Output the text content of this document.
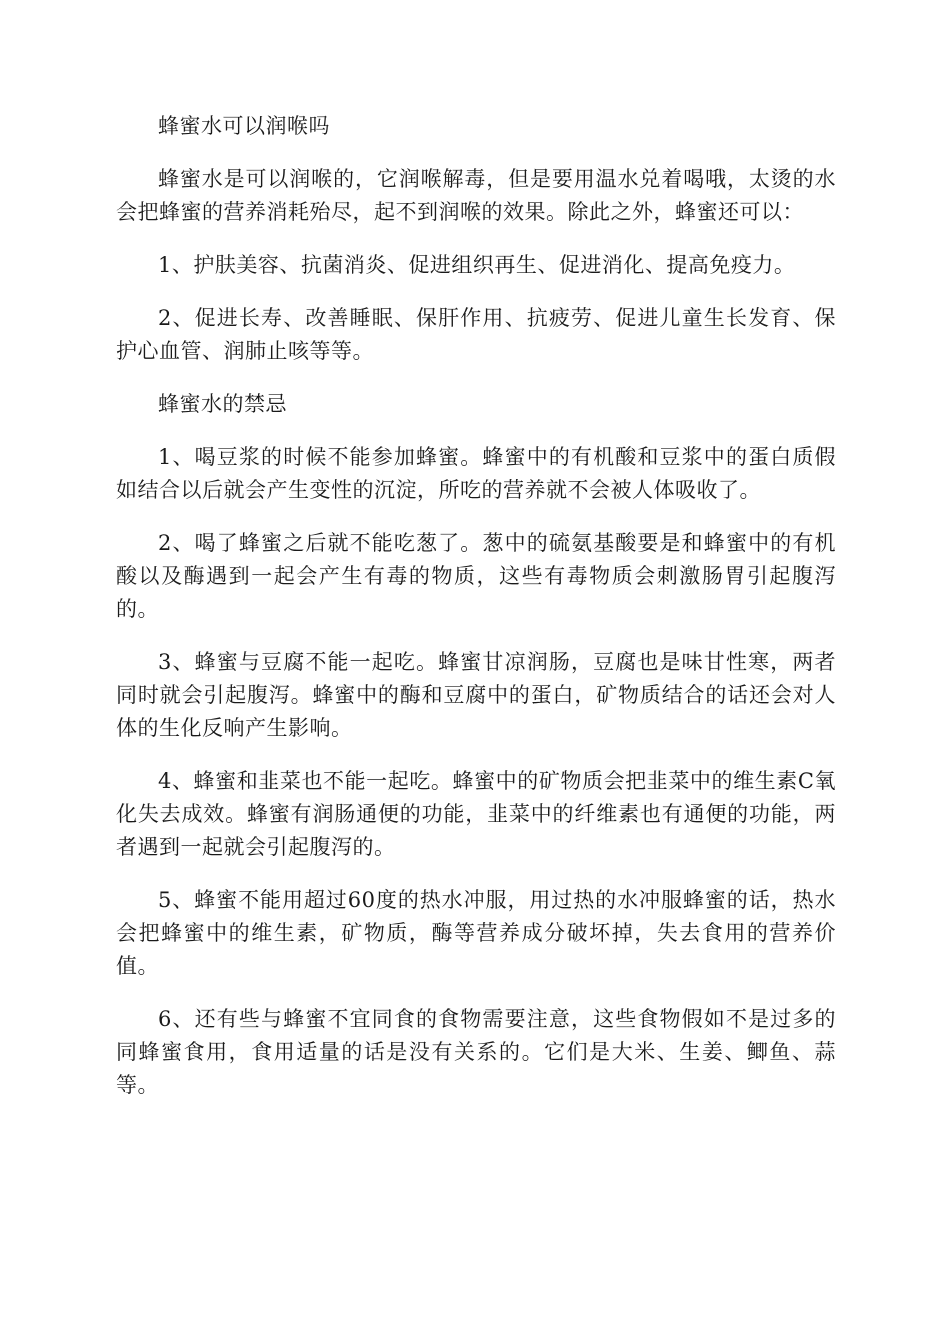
蜂蜜水可以润喉吗

蜂蜜水是可以润喉的，它润喉解毒，但是要用温水兑着喝哦，太烫的水会把蜂蜜的营养消耗殆尽，起不到润喉的效果。除此之外，蜂蜜还可以：

1、护肤美容、抗菌消炎、促进组织再生、促进消化、提高免疫力。

2、促进长寿、改善睡眠、保肝作用、抗疲劳、促进儿童生长发育、保护心血管、润肺止咳等等。

蜂蜜水的禁忌

1、喝豆浆的时候不能参加蜂蜜。蜂蜜中的有机酸和豆浆中的蛋白质假如结合以后就会产生变性的沉淀，所吃的营养就不会被人体吸收了。

2、喝了蜂蜜之后就不能吃葱了。葱中的硫氨基酸要是和蜂蜜中的有机酸以及酶遇到一起会产生有毒的物质，这些有毒物质会刺激肠胃引起腹泻的。

3、蜂蜜与豆腐不能一起吃。蜂蜜甘凉润肠，豆腐也是味甘性寒，两者同时就会引起腹泻。蜂蜜中的酶和豆腐中的蛋白，矿物质结合的话还会对人体的生化反响产生影响。

4、蜂蜜和韭菜也不能一起吃。蜂蜜中的矿物质会把韭菜中的维生素C氧化失去成效。蜂蜜有润肠通便的功能，韭菜中的纤维素也有通便的功能，两者遇到一起就会引起腹泻的。

5、蜂蜜不能用超过60度的热水冲服，用过热的水冲服蜂蜜的话，热水会把蜂蜜中的维生素，矿物质，酶等营养成分破坏掉，失去食用的营养价值。

6、还有些与蜂蜜不宜同食的食物需要注意，这些食物假如不是过多的同蜂蜜食用，食用适量的话是没有关系的。它们是大米、生姜、鲫鱼、蒜等。
